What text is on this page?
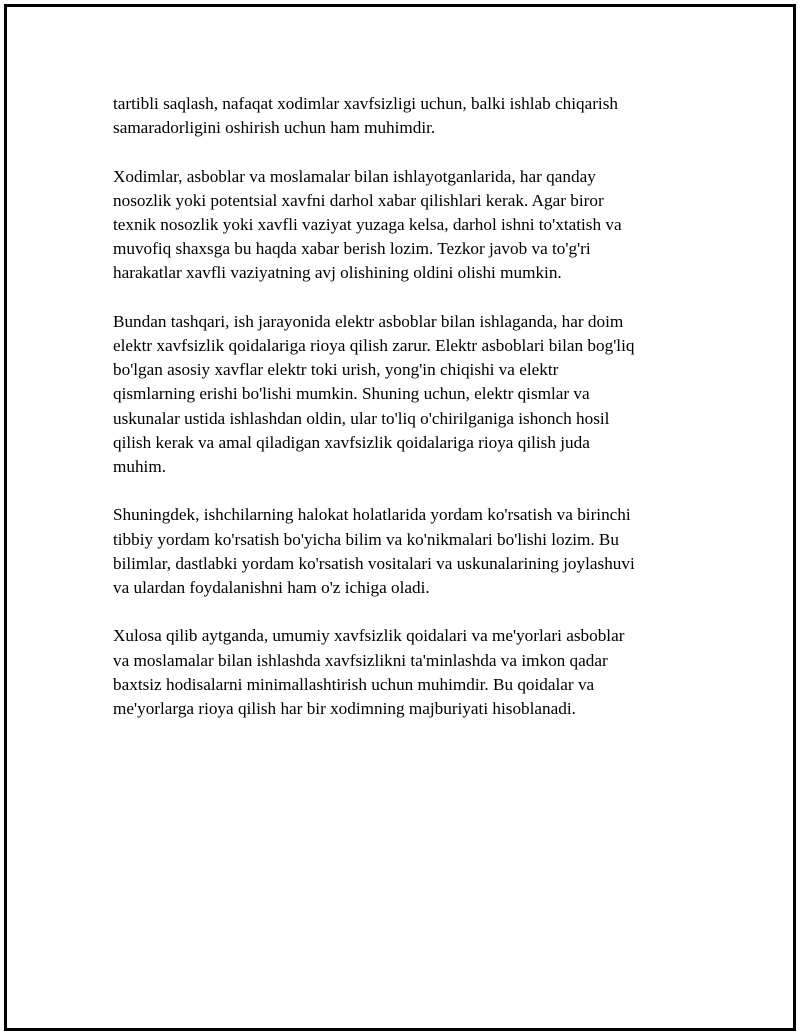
tartibli saqlash, nafaqat xodimlar xavfsizligi uchun, balki ishlab chiqarish
samaradorligini oshirish uchun ham muhimdir.

Xodimlar, asboblar va moslamalar bilan ishlayotganlarida, har qanday
nosozlik yoki potentsial xavfni darhol xabar qilishlari kerak. Agar biror
texnik nosozlik yoki xavfli vaziyat yuzaga kelsa, darhol ishni to'xtatish va
muvofiq shaxsga bu haqda xabar berish lozim. Tezkor javob va to'g'ri
harakatlar xavfli vaziyatning avj olishining oldini olishi mumkin.

Bundan tashqari, ish jarayonida elektr asboblar bilan ishlaganda, har doim
elektr xavfsizlik qoidalariga rioya qilish zarur. Elektr asboblari bilan bog'liq
bo'lgan asosiy xavflar elektr toki urish, yong'in chiqishi va elektr
qismlarning erishi bo'lishi mumkin. Shuning uchun, elektr qismlar va
uskunalar ustida ishlashdan oldin, ular to'liq o'chirilganiga ishonch hosil
qilish kerak va amal qiladigan xavfsizlik qoidalariga rioya qilish juda
muhim.

Shuningdek, ishchilarning halokat holatlarida yordam ko'rsatish va birinchi
tibbiy yordam ko'rsatish bo'yicha bilim va ko'nikmalari bo'lishi lozim. Bu
bilimlar, dastlabki yordam ko'rsatish vositalari va uskunalarining joylashuvi
va ulardan foydalanishni ham o'z ichiga oladi.

Xulosa qilib aytganda, umumiy xavfsizlik qoidalari va me'yorlari asboblar
va moslamalar bilan ishlashda xavfsizlikni ta'minlashda va imkon qadar
baxtsiz hodisalarni minimallashtirish uchun muhimdir. Bu qoidalar va
me'yorlarga rioya qilish har bir xodimning majburiyati hisoblanadi.
